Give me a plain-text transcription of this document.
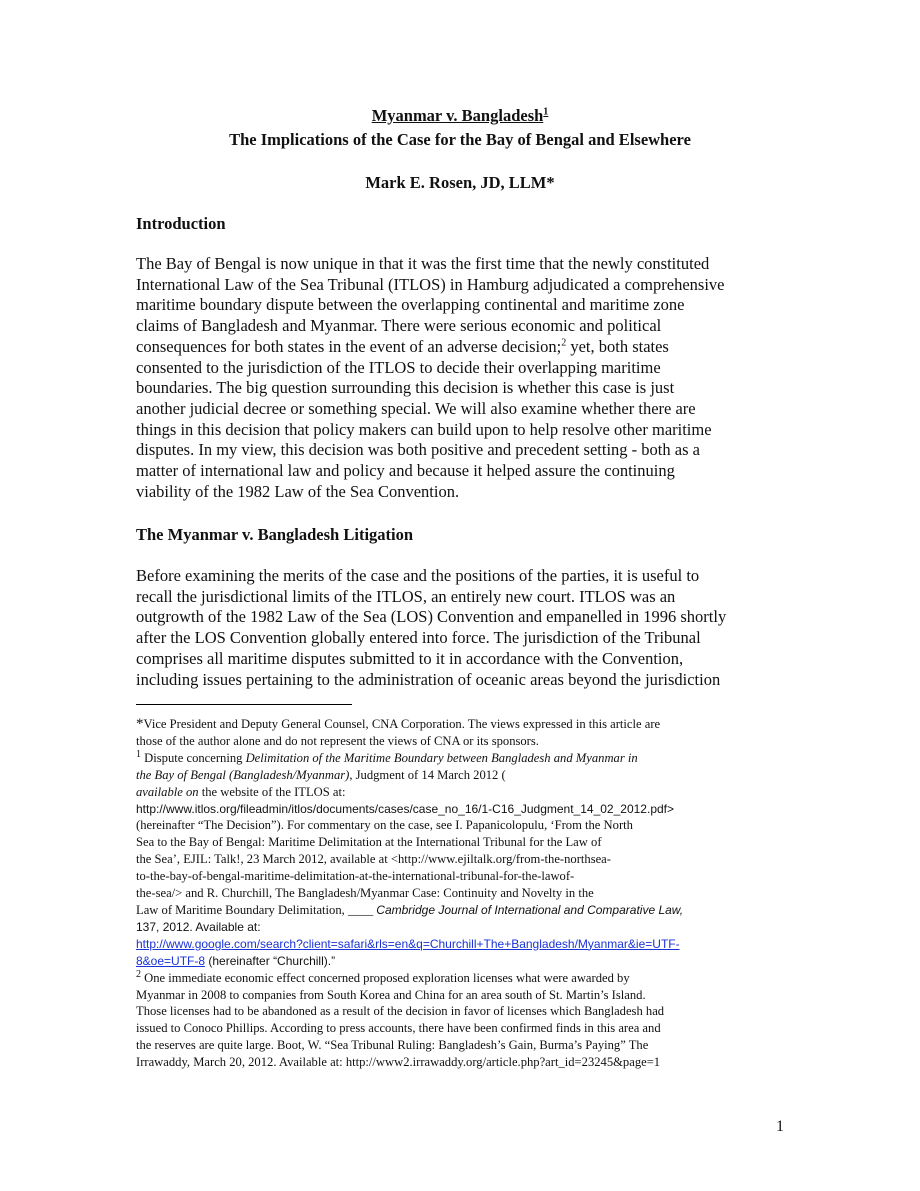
Myanmar v. Bangladesh$^1$
The Implications of the Case for the Bay of Bengal and Elsewhere
Mark E. Rosen, JD, LLM*
Introduction
The Bay of Bengal is now unique in that it was the first time that the newly constituted
International Law of the Sea Tribunal (ITLOS) in Hamburg adjudicated a comprehensive
maritime boundary dispute between the overlapping continental and maritime zone
claims of Bangladesh and Myanmar. There were serious economic and political
consequences for both states in the event of an adverse decision;$^2$ yet, both states
consented to the jurisdiction of the ITLOS to decide their overlapping maritime
boundaries. The big question surrounding this decision is whether this case is just
another judicial decree or something special. We will also examine whether there are
things in this decision that policy makers can build upon to help resolve other maritime
disputes. In my view, this decision was both positive and precedent setting - both as a
matter of international law and policy and because it helped assure the continuing
viability of the 1982 Law of the Sea Convention.
The Myanmar v. Bangladesh Litigation
Before examining the merits of the case and the positions of the parties, it is useful to
recall the jurisdictional limits of the ITLOS, an entirely new court. ITLOS was an
outgrowth of the 1982 Law of the Sea (LOS) Convention and empanelled in 1996 shortly
after the LOS Convention globally entered into force. The jurisdiction of the Tribunal
comprises all maritime disputes submitted to it in accordance with the Convention,
including issues pertaining to the administration of oceanic areas beyond the jurisdiction
*Vice President and Deputy General Counsel, CNA Corporation. The views expressed in this article are
those of the author alone and do not represent the views of CNA or its sponsors.
$^1$ Dispute concerning Delimitation of the Maritime Boundary between Bangladesh and Myanmar in
the Bay of Bengal (Bangladesh/Myanmar), Judgment of 14 March 2012 (
available on the website of the ITLOS at:
http://www.itlos.org/fileadmin/itlos/documents/cases/case_no_16/1-C16_Judgment_14_02_2012.pdf>
(hereinafter “The Decision”). For commentary on the case, see I. Papanicolopulu, ‘From the North
Sea to the Bay of Bengal: Maritime Delimitation at the International Tribunal for the Law of
the Sea’, EJIL: Talk!, 23 March 2012, available at <http://www.ejiltalk.org/from-the-northsea-
to-the-bay-of-bengal-maritime-delimitation-at-the-international-tribunal-for-the-lawof-
the-sea/> and R. Churchill, The Bangladesh/Myanmar Case: Continuity and Novelty in the
Law of Maritime Boundary Delimitation, ____ Cambridge Journal of International and Comparative Law,
137, 2012. Available at:
http://www.google.com/search?client=safari&rls=en&q=Churchill+The+Bangladesh/Myanmar&ie=UTF-
8&oe=UTF-8 (hereinafter “Churchill).”
$^2$ One immediate economic effect concerned proposed exploration licenses what were awarded by
Myanmar in 2008 to companies from South Korea and China for an area south of St. Martin’s Island.
Those licenses had to be abandoned as a result of the decision in favor of licenses which Bangladesh had
issued to Conoco Phillips. According to press accounts, there have been confirmed finds in this area and
the reserves are quite large. Boot, W. “Sea Tribunal Ruling: Bangladesh’s Gain, Burma’s Paying” The
Irrawaddy, March 20, 2012. Available at: http://www2.irrawaddy.org/article.php?art_id=23245&page=1
1
